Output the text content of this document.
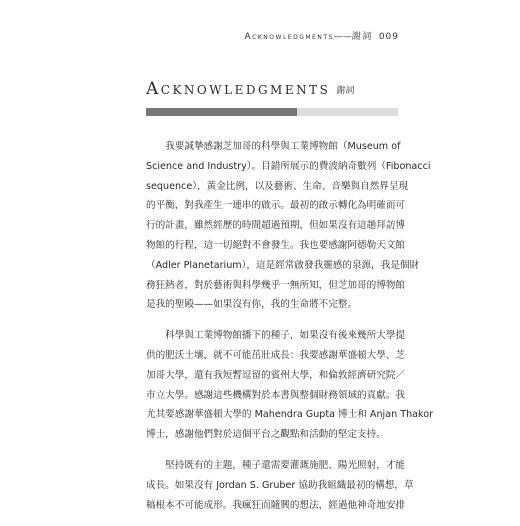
Acknowledgments——謝詞 009
Acknowledgments 謝詞

　　我要誠摯感謝芝加哥的科學與工業博物館（Museum of
Science and Industry）。目錯所展示的費波納奇數列（Fibonacci
sequence），黃金比例，以及藝術、生命、音樂與自然界呈現
的平衡，對我產生一連串的啟示。最初的啟示轉化為明確而可
行的計畫，雖然經歷的時間超過預期，但如果沒有這趟拜訪博
物館的行程，這一切絕對不會發生。我也要感謝阿德勒天文館
（Adler Planetarium），這是經常啟發我靈感的泉源，我是個財
務狂熱者，對於藝術與科學幾乎一無所知，但芝加哥的博物館
是我的聖殿——如果沒有你，我的生命將不完整。

　　科學與工業博物館播下的種子，如果沒有後來幾所大學提
供的肥沃土壤，就不可能茁壯成長：我要感謝華盛頓大學、芝
加哥大學，還有我短暫逗留的賓州大學，和倫敦經濟研究院／
市立大學。感謝這些機構對於本書與整個財務領域的貢獻。我
尤其要感謝華盛頓大學的 Mahendra Gupta 博士和 Anjan Thakor
博士，感謝他們對於這個平台之觀點和活動的堅定支持。

　　堅持既有的主題，種子還需要灌溉施肥、陽光照射，才能
成長。如果沒有 Jordan S. Gruber 協助我組織最初的構想，草
稿根本不可能成形。我瘋狂而隨興的想法，經過他神奇地安排
